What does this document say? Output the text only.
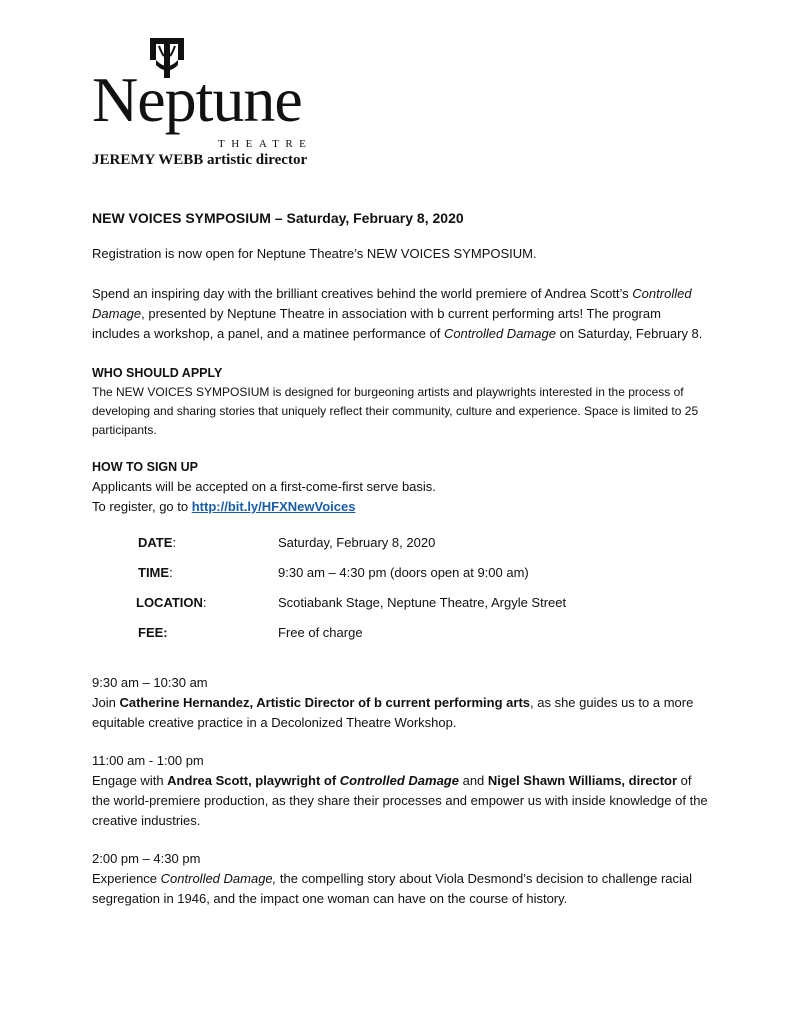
Neptune
THEATRE
JEREMY WEBB artistic director
NEW VOICES SYMPOSIUM – Saturday, February 8, 2020

Registration is now open for Neptune Theatre’s NEW VOICES SYMPOSIUM.

Spend an inspiring day with the brilliant creatives behind the world premiere of Andrea Scott’s Controlled Damage, presented by Neptune Theatre in association with b current performing arts! The program includes a workshop, a panel, and a matinee performance of Controlled Damage on Saturday, February 8.

WHO SHOULD APPLY

The NEW VOICES SYMPOSIUM is designed for burgeoning artists and playwrights interested in the process of developing and sharing stories that uniquely reflect their community, culture and experience. Space is limited to 25 participants.

HOW TO SIGN UP

Applicants will be accepted on a first-come-first serve basis.

To register, go to http://bit.ly/HFXNewVoices

DATE:	Saturday, February 8, 2020
TIME:	9:30 am – 4:30 pm (doors open at 9:00 am)
LOCATION:	Scotiabank Stage, Neptune Theatre, Argyle Street
FEE:	Free of charge

9:30 am – 10:30 am

Join Catherine Hernandez, Artistic Director of b current performing arts, as she guides us to a more equitable creative practice in a Decolonized Theatre Workshop.

11:00 am - 1:00 pm

Engage with Andrea Scott, playwright of Controlled Damage and Nigel Shawn Williams, director of the world-premiere production, as they share their processes and empower us with inside knowledge of the creative industries.

2:00 pm – 4:30 pm

Experience Controlled Damage, the compelling story about Viola Desmond’s decision to challenge racial segregation in 1946, and the impact one woman can have on the course of history.
